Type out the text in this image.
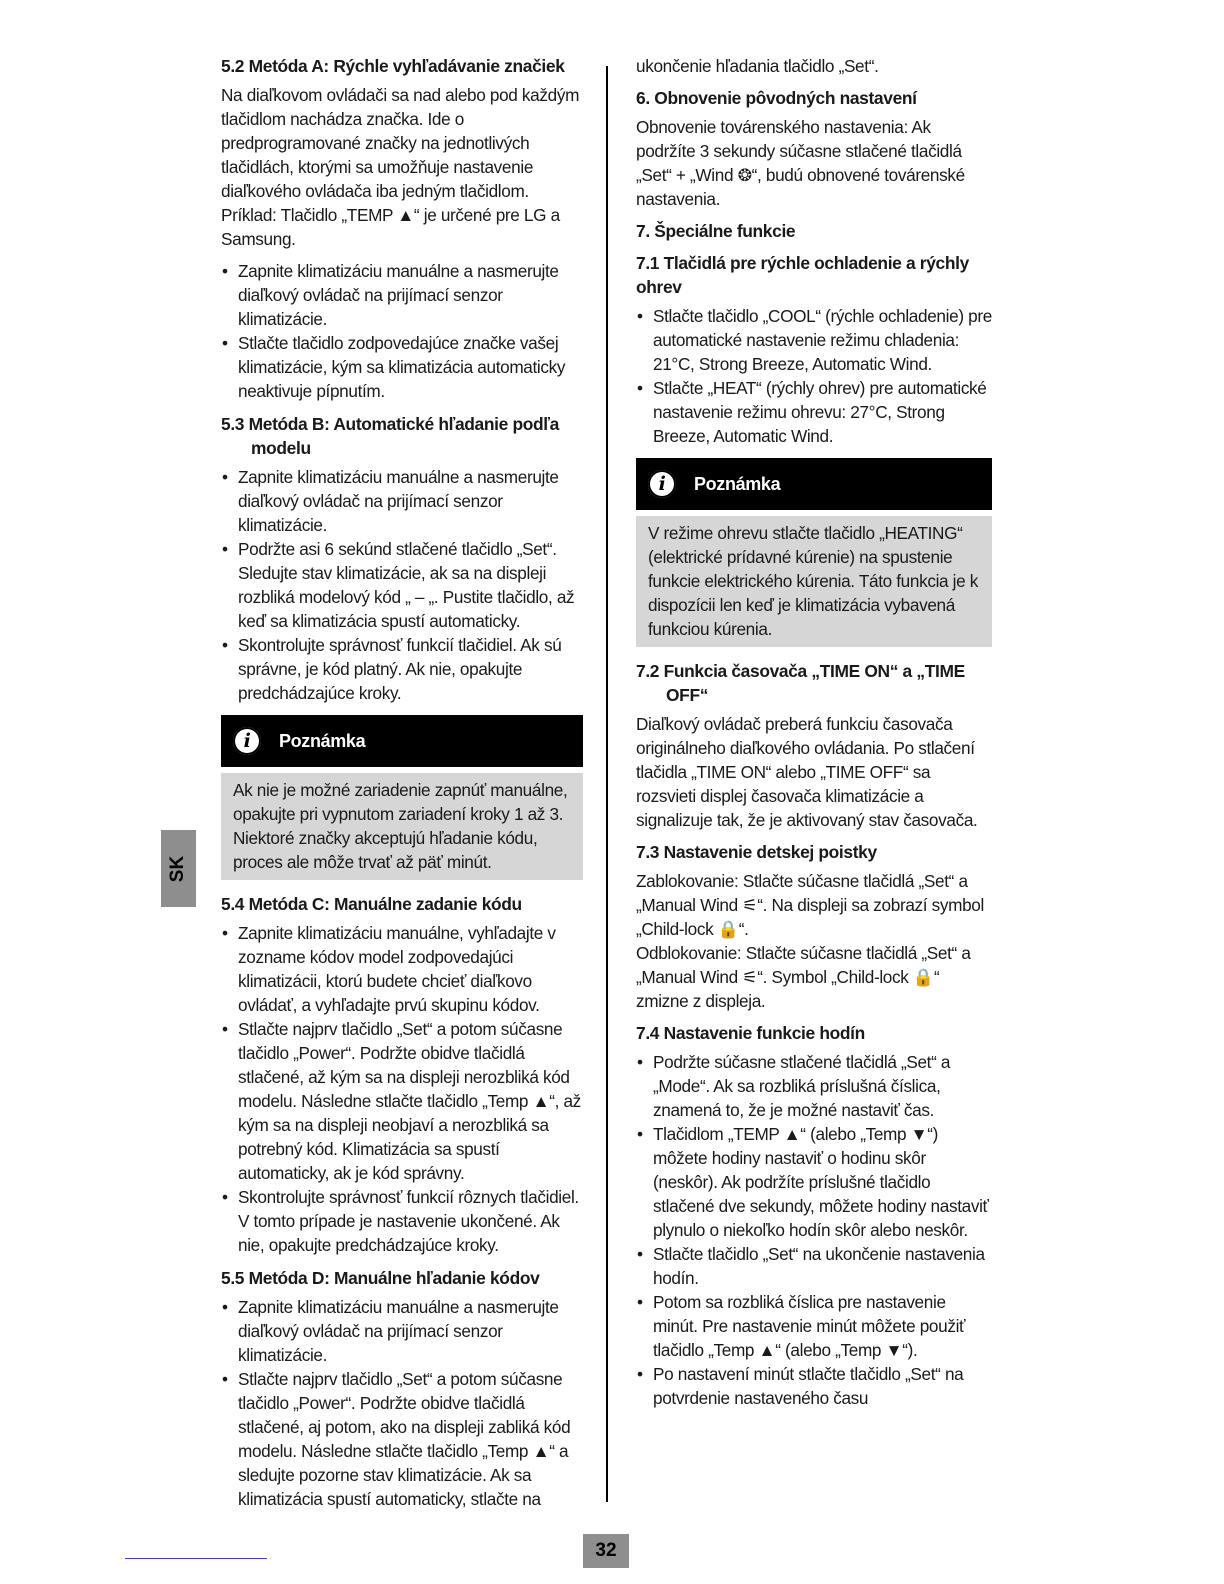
SK
5.2 Metóda A: Rýchle vyhľadávanie značiek

Na diaľkovom ovládači sa nad alebo pod každým tlačidlom nachádza značka. Ide o predprogramované značky na jednotlivých tlačidlách, ktorými sa umožňuje nastavenie diaľkového ovládača iba jedným tlačidlom. Príklad: Tlačidlo „TEMP ▲“ je určené pre LG a Samsung.

• Zapnite klimatizáciu manuálne a nasmerujte diaľkový ovládač na prijímací senzor klimatizácie.
• Stlačte tlačidlo zodpovedajúce značke vašej klimatizácie, kým sa klimatizácia automaticky neaktivuje pípnutím.
5.3 Metóda B: Automatické hľadanie podľa modelu
• Zapnite klimatizáciu manuálne a nasmerujte diaľkový ovládač na prijímací senzor klimatizácie.
• Podržte asi 6 sekúnd stlačené tlačidlo „Set“. Sledujte stav klimatizácie, ak sa na displeji rozbliká modelový kód „ – „. Pustite tlačidlo, až keď sa klimatizácia spustí automaticky.
• Skontrolujte správnosť funkcií tlačidiel. Ak sú správne, je kód platný. Ak nie, opakujte predchádzajúce kroky.
i	Poznámka
Ak nie je možné zariadenie zapnúť manuálne, opakujte pri vypnutom zariadení kroky 1 až 3. Niektoré značky akceptujú hľadanie kódu, proces ale môže trvať až päť minút.
5.4 Metóda C: Manuálne zadanie kódu
• Zapnite klimatizáciu manuálne, vyhľadajte v zozname kódov model zodpovedajúci klimatizácii, ktorú budete chcieť diaľkovo ovládať, a vyhľadajte prvú skupinu kódov.
• Stlačte najprv tlačidlo „Set“ a potom súčasne tlačidlo „Power“. Podržte obidve tlačidlá stlačené, až kým sa na displeji nerozbliká kód modelu. Následne stlačte tlačidlo „Temp ▲“, až kým sa na displeji neobjaví a nerozbliká sa potrebný kód. Klimatizácia sa spustí automaticky, ak je kód správny.
• Skontrolujte správnosť funkcií rôznych tlačidiel. V tomto prípade je nastavenie ukončené. Ak nie, opakujte predchádzajúce kroky.
5.5 Metóda D: Manuálne hľadanie kódov
• Zapnite klimatizáciu manuálne a nasmerujte diaľkový ovládač na prijímací senzor klimatizácie.
• Stlačte najprv tlačidlo „Set“ a potom súčasne tlačidlo „Power“. Podržte obidve tlačidlá stlačené, aj potom, ako na displeji zabliká kód modelu. Následne stlačte tlačidlo „Temp ▲“ a sledujte pozorne stav klimatizácie. Ak sa klimatizácia spustí automaticky, stlačte na

ukončenie hľadania tlačidlo „Set“.

6. Obnovenie pôvodných nastavení

Obnovenie továrenského nastavenia: Ak podržíte 3 sekundy súčasne stlačené tlačidlá „Set“ + „Wind ❂“, budú obnovené továrenské nastavenia.

7. Špeciálne funkcie
7.1 Tlačidlá pre rýchle ochladenie a rýchly ohrev
• Stlačte tlačidlo „COOL“ (rýchle ochladenie) pre automatické nastavenie režimu chladenia: 21°C, Strong Breeze, Automatic Wind.
• Stlačte „HEAT“ (rýchly ohrev) pre automatické nastavenie režimu ohrevu: 27°C, Strong Breeze, Automatic Wind.
i	Poznámka
V režime ohrevu stlačte tlačidlo „HEATING“ (elektrické prídavné kúrenie) na spustenie funkcie elektrického kúrenia. Táto funkcia je k dispozícii len keď je klimatizácia vybavená funkciou kúrenia.
7.2 Funkcia časovača „TIME ON“ a „TIME OFF“

Diaľkový ovládač preberá funkciu časovača originálneho diaľkového ovládania. Po stlačení tlačidla „TIME ON“ alebo „TIME OFF“ sa rozsvieti displej časovača klimatizácie a signalizuje tak, že je aktivovaný stav časovača.

7.3 Nastavenie detskej poistky

Zablokovanie: Stlačte súčasne tlačidlá „Set“ a „Manual Wind ⚟“. Na displeji sa zobrazí symbol „Child-lock 🔒“.

Odblokovanie: Stlačte súčasne tlačidlá „Set“ a „Manual Wind ⚟“. Symbol „Child-lock 🔒“ zmizne z displeja.

7.4 Nastavenie funkcie hodín
• Podržte súčasne stlačené tlačidlá „Set“ a „Mode“. Ak sa rozbliká príslušná číslica, znamená to, že je možné nastaviť čas.
• Tlačidlom „TEMP ▲“ (alebo „Temp ▼“) môžete hodiny nastaviť o hodinu skôr (neskôr). Ak podržíte príslušné tlačidlo stlačené dve sekundy, môžete hodiny nastaviť plynulo o niekoľko hodín skôr alebo neskôr.
• Stlačte tlačidlo „Set“ na ukončenie nastavenia hodín.
• Potom sa rozbliká číslica pre nastavenie minút. Pre nastavenie minút môžete použiť tlačidlo „Temp ▲“ (alebo „Temp ▼“).
• Po nastavení minút stlačte tlačidlo „Set“ na potvrdenie nastaveného času
32
